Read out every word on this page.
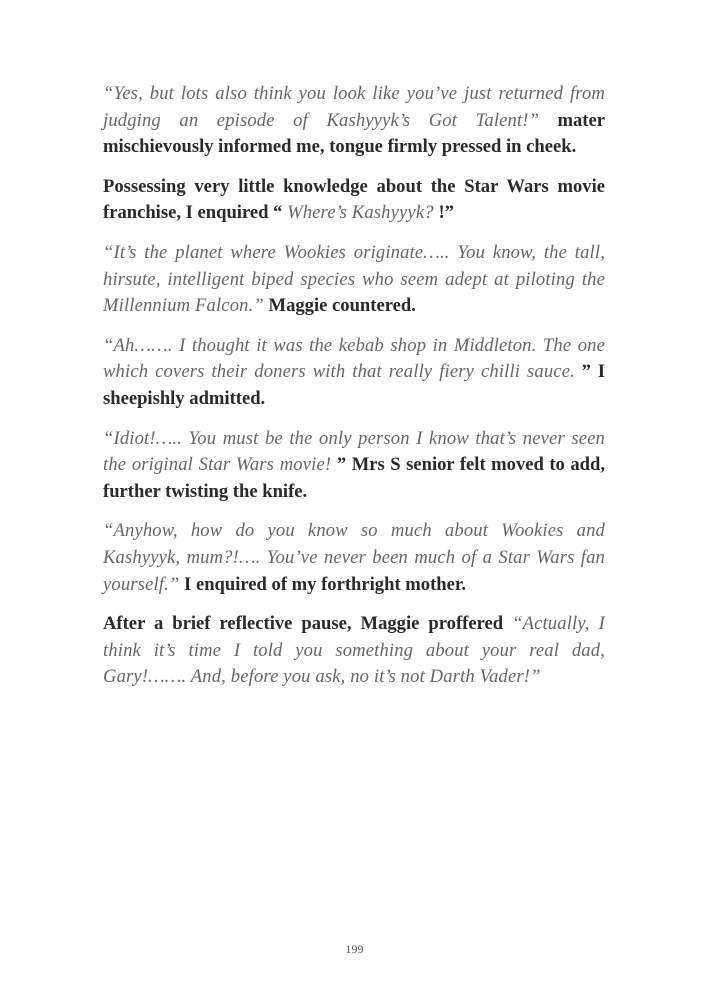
“Yes, but lots also think you look like you’ve just returned from judging an episode of Kashyyyk’s Got Talent!” mater mischievously informed me, tongue firmly pressed in cheek.

Possessing very little knowledge about the Star Wars movie franchise, I enquired “ Where’s Kashyyyk? !”

“It’s the planet where Wookies originate….. You know, the tall, hirsute, intelligent biped species who seem adept at piloting the Millennium Falcon.” Maggie countered.

“Ah……. I thought it was the kebab shop in Middleton. The one which covers their doners with that really fiery chilli sauce. ” I sheepishly admitted.

“Idiot!….. You must be the only person I know that’s never seen the original Star Wars movie! ” Mrs S senior felt moved to add, further twisting the knife.

“Anyhow, how do you know so much about Wookies and Kashyyyk, mum?!…. You’ve never been much of a Star Wars fan yourself.” I enquired of my forthright mother.

After a brief reflective pause, Maggie proffered “Actually, I think it’s time I told you something about your real dad, Gary!……. And, before you ask, no it’s not Darth Vader!”

199
